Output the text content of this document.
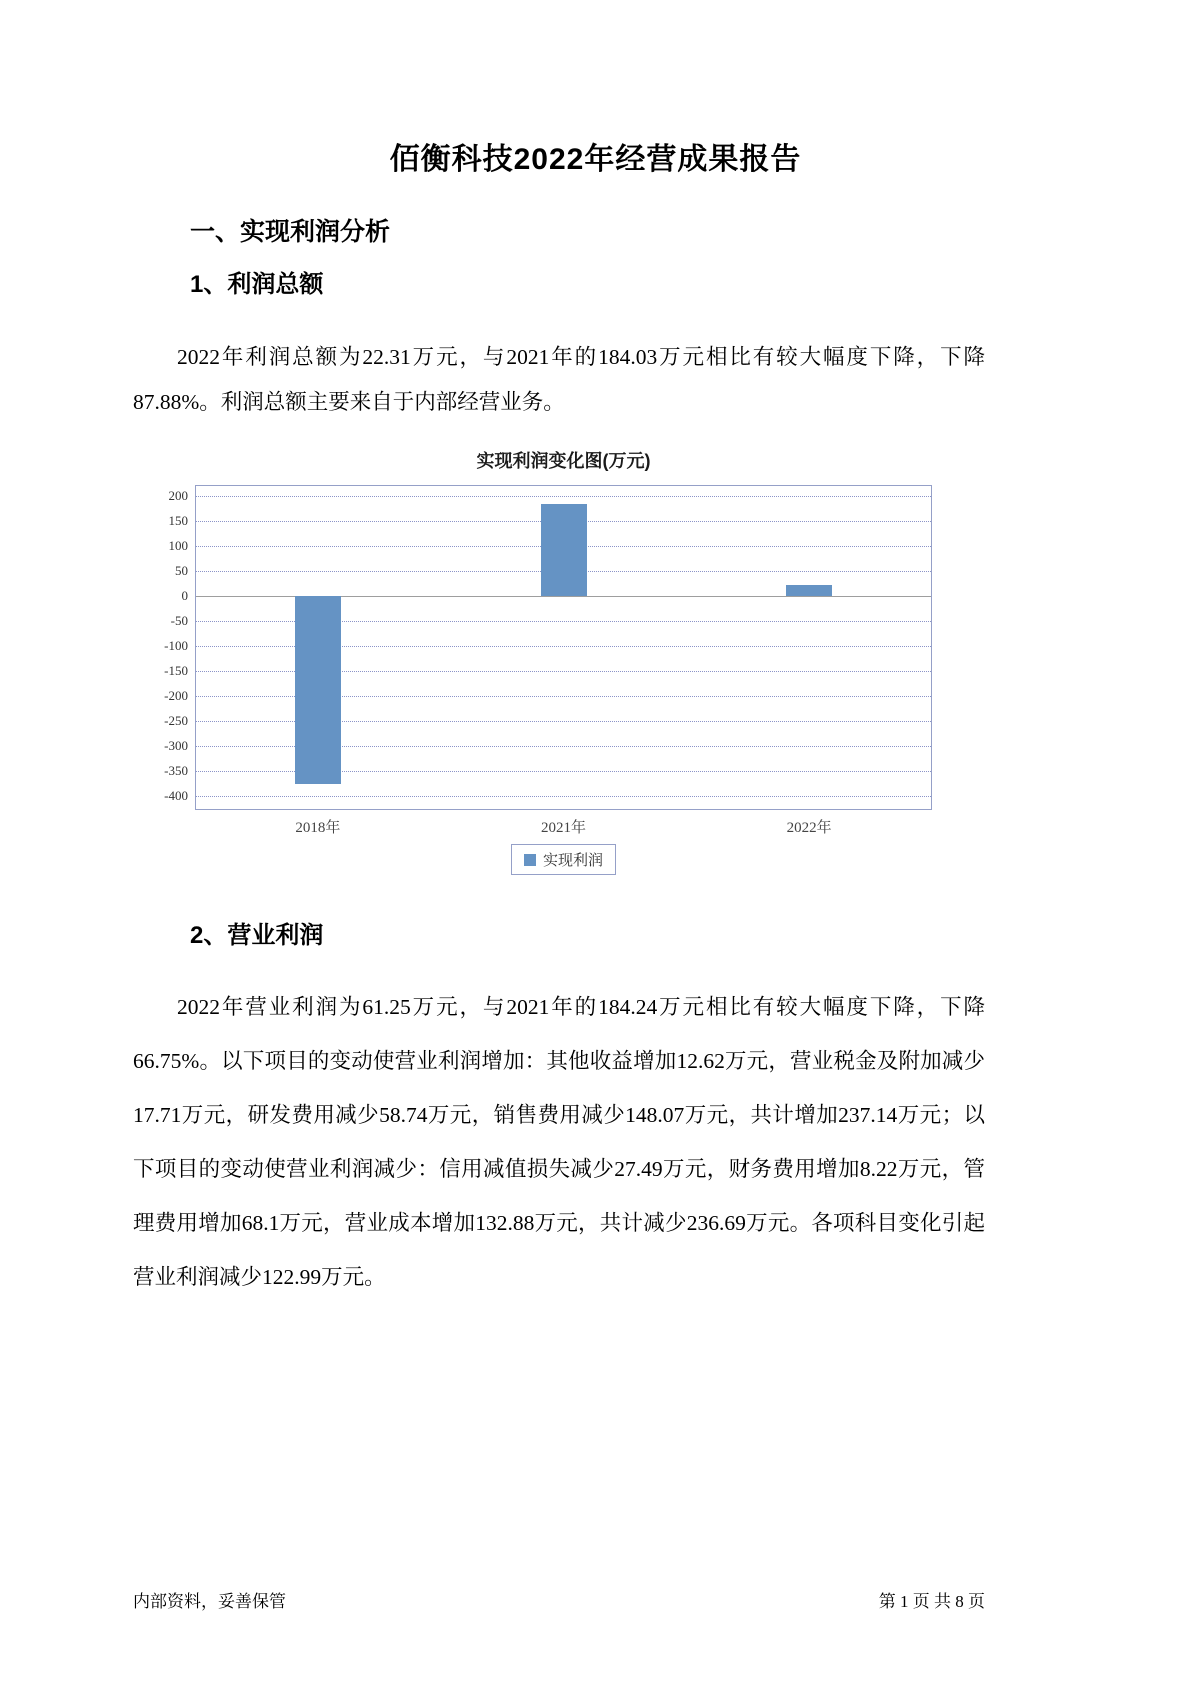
佰衡科技2022年经营成果报告
一、实现利润分析
1、利润总额

2022年利润总额为22.31万元，与2021年的184.03万元相比有较大幅度下降，下降87.88%。利润总额主要来自于内部经营业务。

实现利润变化图(万元)
200
150
100
50
0
-50
-100
-150
-200
-250
-300
-350
-400
2018年	2021年	2022年
实现利润
2、营业利润

2022年营业利润为61.25万元，与2021年的184.24万元相比有较大幅度下降，下降66.75%。以下项目的变动使营业利润增加：其他收益增加12.62万元，营业税金及附加减少17.71万元，研发费用减少58.74万元，销售费用减少148.07万元，共计增加237.14万元；以下项目的变动使营业利润减少：信用减值损失减少27.49万元，财务费用增加8.22万元，管理费用增加68.1万元，营业成本增加132.88万元，共计减少236.69万元。各项科目变化引起营业利润减少122.99万元。

内部资料，妥善保管	第 1 页 共 8 页
